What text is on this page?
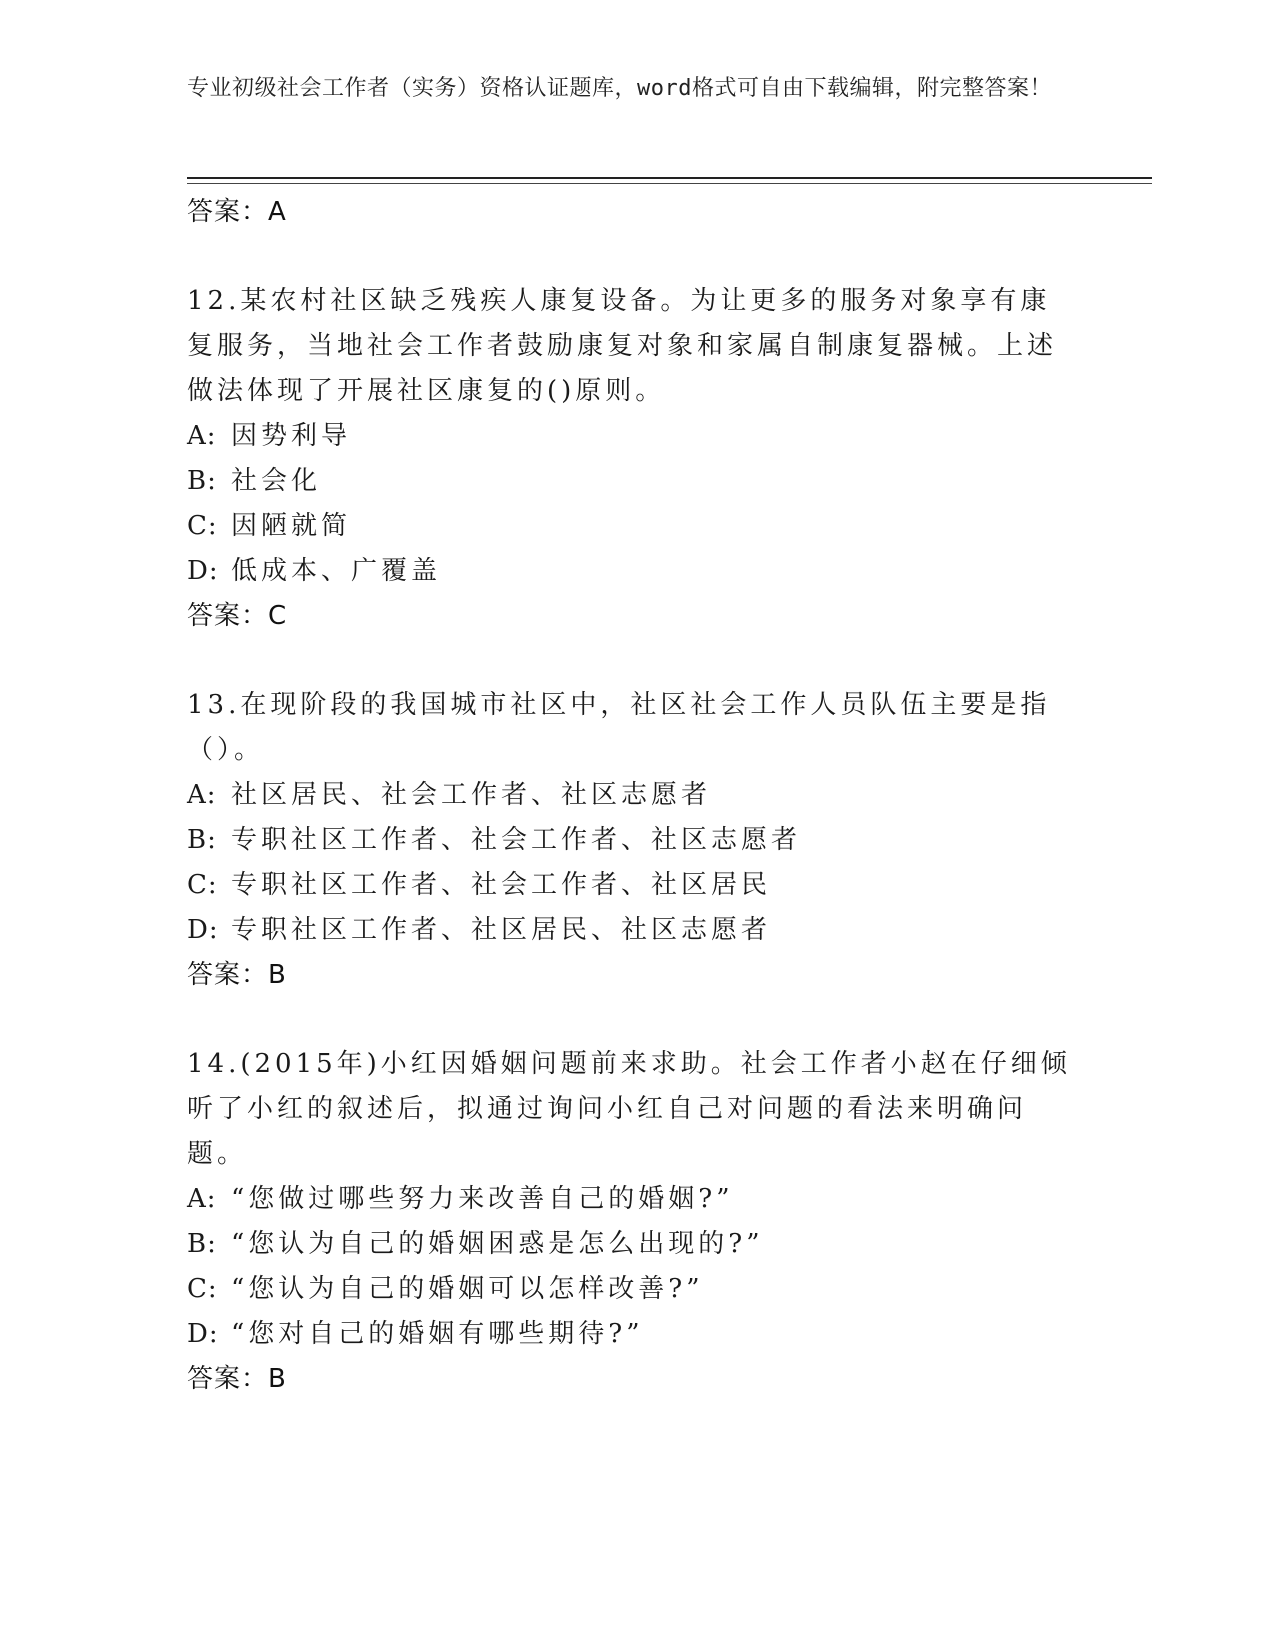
专业初级社会工作者（实务）资格认证题库，word格式可自由下载编辑，附完整答案！

答案：A

12.某农村社区缺乏残疾人康复设备。为让更多的服务对象享有康复服务，当地社会工作者鼓励康复对象和家属自制康复器械。上述做法体现了开展社区康复的()原则。

A: 因势利导
B: 社会化
C: 因陋就简
D: 低成本、广覆盖

答案：C

13.在现阶段的我国城市社区中，社区社会工作人员队伍主要是指（）。

A: 社区居民、社会工作者、社区志愿者
B: 专职社区工作者、社会工作者、社区志愿者
C: 专职社区工作者、社会工作者、社区居民
D: 专职社区工作者、社区居民、社区志愿者

答案：B

14.(2015年)小红因婚姻问题前来求助。社会工作者小赵在仔细倾听了小红的叙述后，拟通过询问小红自己对问题的看法来明确问题。

A: “您做过哪些努力来改善自己的婚姻?”
B: “您认为自己的婚姻困惑是怎么出现的?”
C: “您认为自己的婚姻可以怎样改善?”
D: “您对自己的婚姻有哪些期待?”

答案：B
